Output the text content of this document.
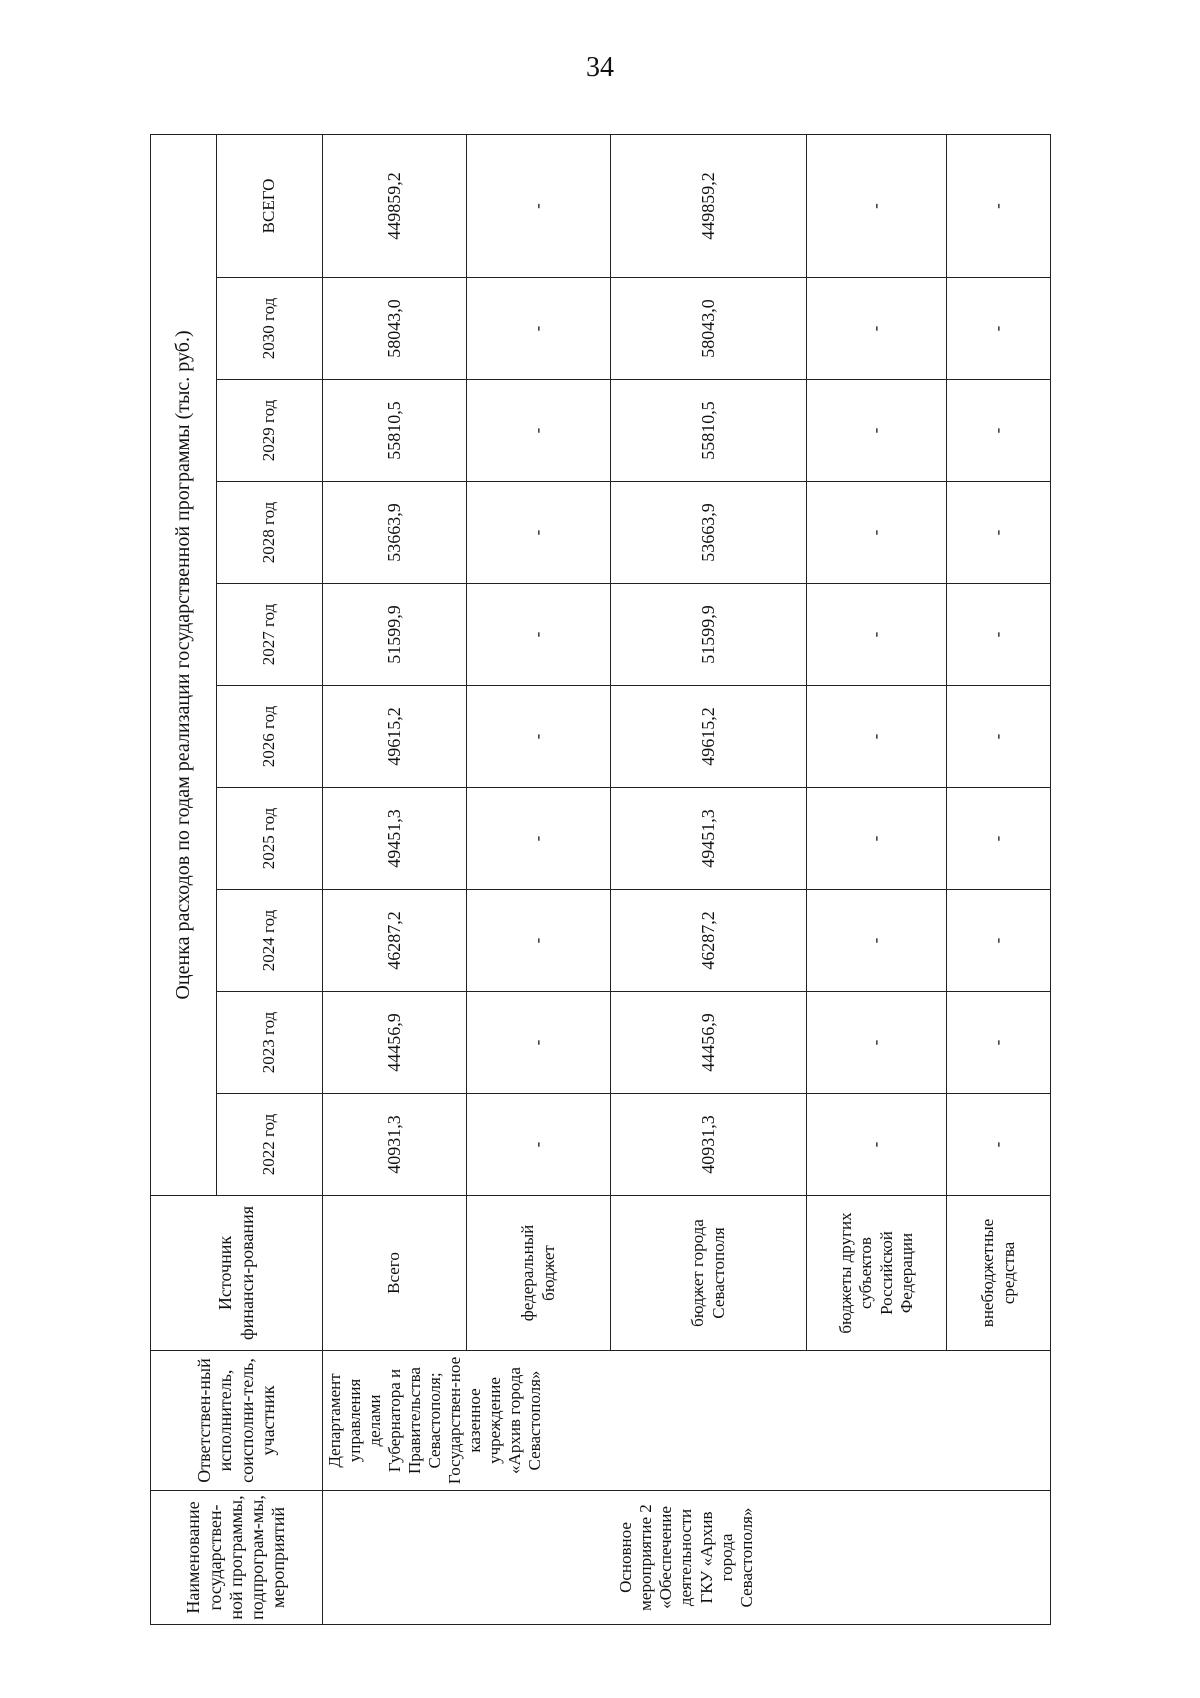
34
Наименование государствен-ной программы, подпрограм-мы, мероприятий	Ответствен-ный исполнитель, соисполни-тель, участник	Источник финанси-рования	Оценка расходов по годам реализации государственной программы (тыс. руб.)									
			2022 год	2023 год	2024 год	2025 год	2026 год	2027 год	2028 год	2029 год	2030 год	ВСЕГО
Основное мероприятие 2 «Обеспечение деятельности ГКУ «Архив города Севастополя»	Департамент управления делами Губернатора и Правительства Севастополя; Государствен-ное казенное учреждение «Архив города Севастополя»	Всего	40931,3	44456,9	46287,2	49451,3	49615,2	51599,9	53663,9	55810,5	58043,0	449859,2
		федеральный бюджет	-	-	-	-	-	-	-	-	-	-
		бюджет города Севастополя	40931,3	44456,9	46287,2	49451,3	49615,2	51599,9	53663,9	55810,5	58043,0	449859,2
		бюджеты других субъектов Российской Федерации	-	-	-	-	-	-	-	-	-	-
		внебюджетные средства	-	-	-	-	-	-	-	-	-	-
